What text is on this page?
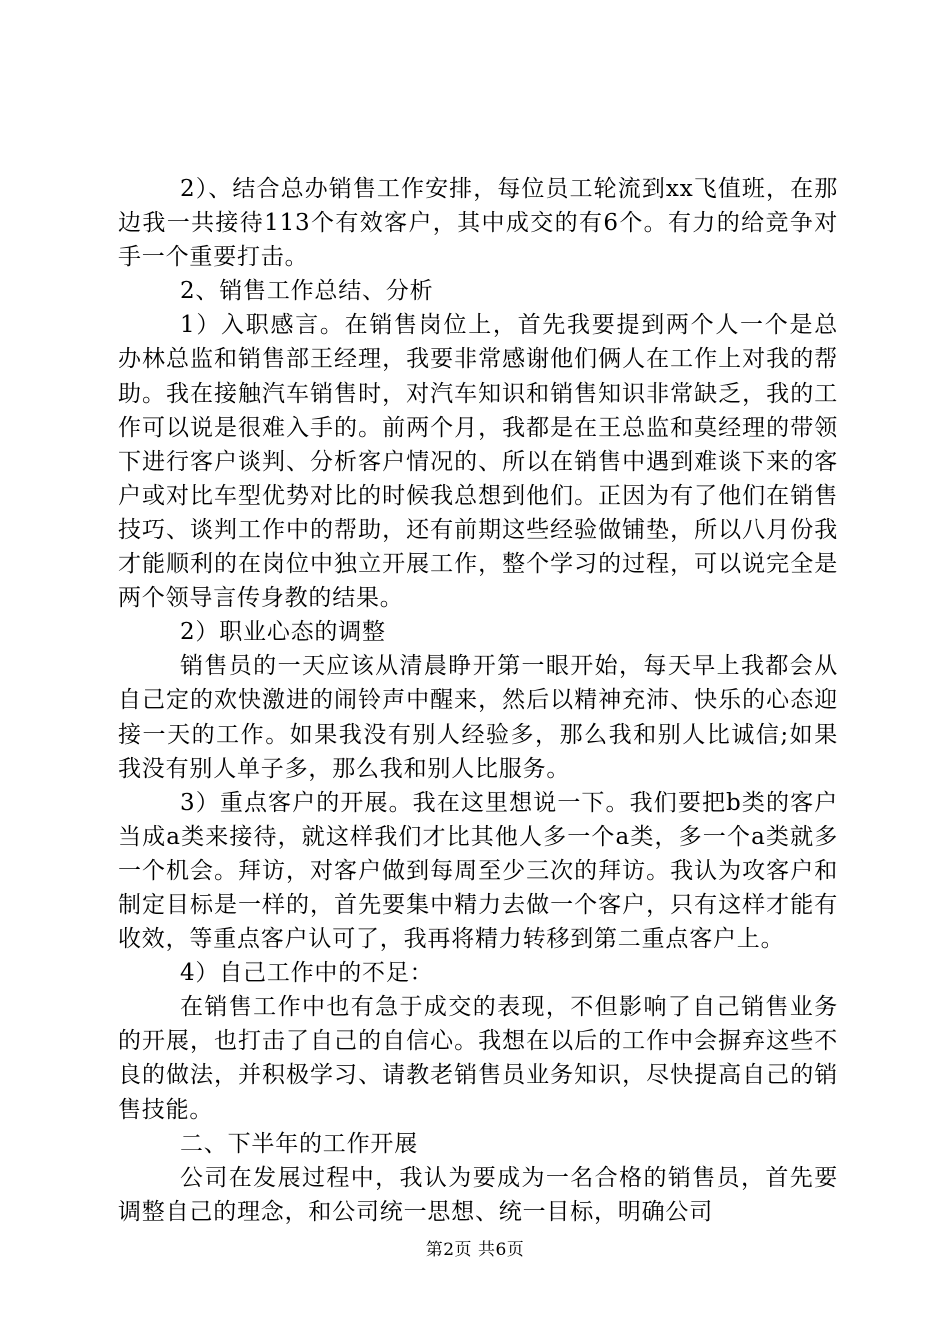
2）、结合总办销售工作安排，每位员工轮流到xx飞值班，在那边我一共接待113个有效客户，其中成交的有6个。有力的给竞争对手一个重要打击。

2、销售工作总结、分析

1）入职感言。在销售岗位上，首先我要提到两个人一个是总办林总监和销售部王经理，我要非常感谢他们俩人在工作上对我的帮助。我在接触汽车销售时，对汽车知识和销售知识非常缺乏，我的工作可以说是很难入手的。前两个月，我都是在王总监和莫经理的带领下进行客户谈判、分析客户情况的、所以在销售中遇到难谈下来的客户或对比车型优势对比的时候我总想到他们。正因为有了他们在销售技巧、谈判工作中的帮助，还有前期这些经验做铺垫，所以八月份我才能顺利的在岗位中独立开展工作，整个学习的过程，可以说完全是两个领导言传身教的结果。

2）职业心态的调整

销售员的一天应该从清晨睁开第一眼开始，每天早上我都会从自己定的欢快激进的闹铃声中醒来，然后以精神充沛、快乐的心态迎接一天的工作。如果我没有别人经验多，那么我和别人比诚信;如果我没有别人单子多，那么我和别人比服务。

3）重点客户的开展。我在这里想说一下。我们要把b类的客户当成a类来接待，就这样我们才比其他人多一个a类，多一个a类就多一个机会。拜访，对客户做到每周至少三次的拜访。我认为攻客户和制定目标是一样的，首先要集中精力去做一个客户，只有这样才能有收效，等重点客户认可了，我再将精力转移到第二重点客户上。

4）自己工作中的不足：

在销售工作中也有急于成交的表现，不但影响了自己销售业务的开展，也打击了自己的自信心。我想在以后的工作中会摒弃这些不良的做法，并积极学习、请教老销售员业务知识，尽快提高自己的销售技能。

二、下半年的工作开展

公司在发展过程中，我认为要成为一名合格的销售员，首先要调整自己的理念，和公司统一思想、统一目标，明确公司

第2页 共6页
